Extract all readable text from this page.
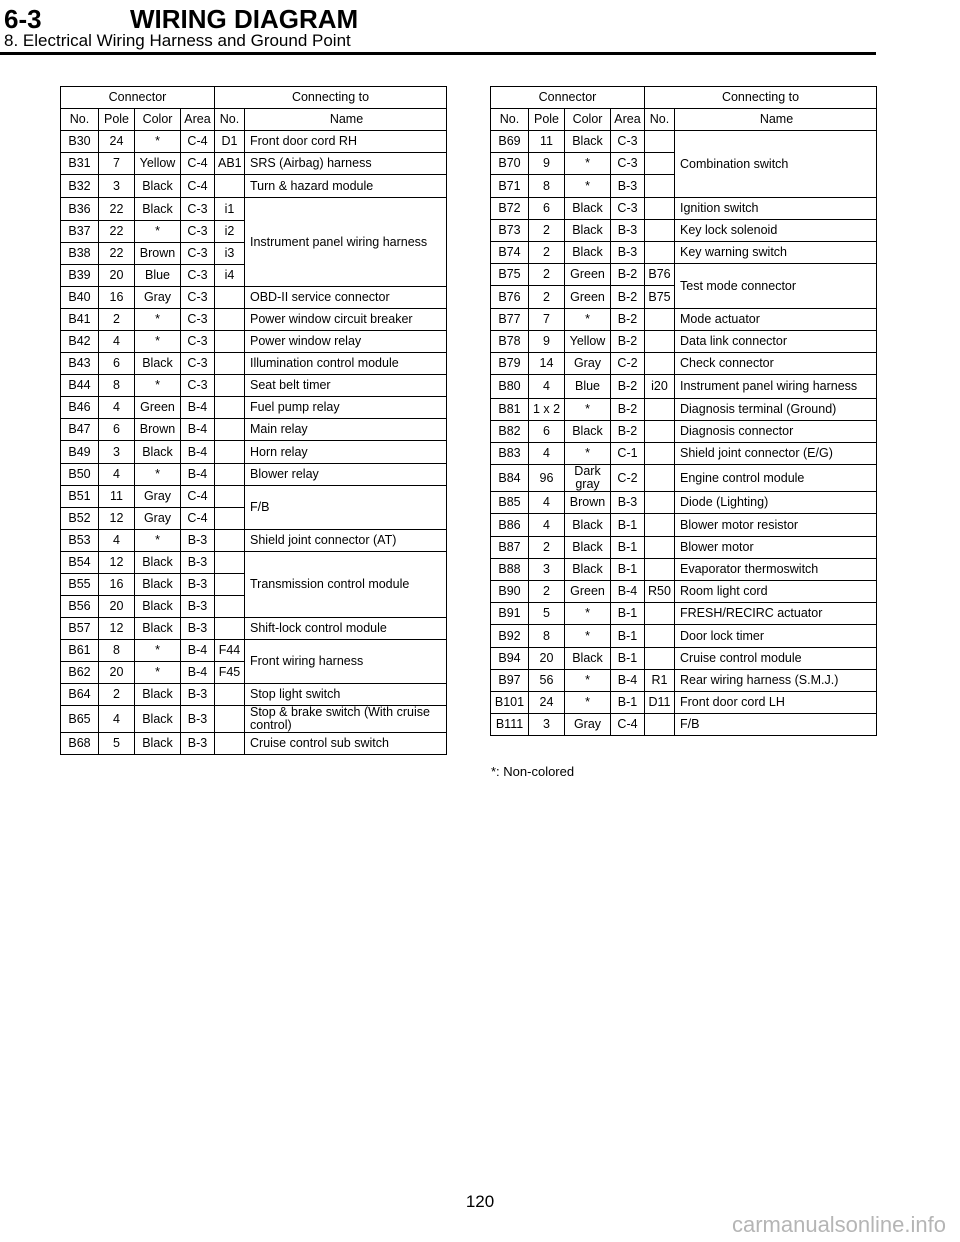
6-3	WIRING DIAGRAM
8. Electrical Wiring Harness and Ground Point
Connector				Connecting to	
No.	Pole	Color	Area	No.	Name
B30	24	*	C-4	D1	Front door cord RH
B31	7	Yellow	C-4	AB1	SRS (Airbag) harness
B32	3	Black	C-4		Turn & hazard module
B36	22	Black	C-3	i1	Instrument panel wiring harness
B37	22	*	C-3	i2	
B38	22	Brown	C-3	i3	
B39	20	Blue	C-3	i4	
B40	16	Gray	C-3		OBD-II service connector
B41	2	*	C-3		Power window circuit breaker
B42	4	*	C-3		Power window relay
B43	6	Black	C-3		Illumination control module
B44	8	*	C-3		Seat belt timer
B46	4	Green	B-4		Fuel pump relay
B47	6	Brown	B-4		Main relay
B49	3	Black	B-4		Horn relay
B50	4	*	B-4		Blower relay
B51	11	Gray	C-4		F/B
B52	12	Gray	C-4		
B53	4	*	B-3		Shield joint connector (AT)
B54	12	Black	B-3		Transmission control module
B55	16	Black	B-3		
B56	20	Black	B-3		
B57	12	Black	B-3		Shift-lock control module
B61	8	*	B-4	F44	Front wiring harness
B62	20	*	B-4	F45	
B64	2	Black	B-3		Stop light switch
B65	4	Black	B-3		Stop & brake switch (With cruise control)
B68	5	Black	B-3		Cruise control sub switch
Connector				Connecting to	
No.	Pole	Color	Area	No.	Name
B69	11	Black	C-3		Combination switch
B70	9	*	C-3		
B71	8	*	B-3		
B72	6	Black	C-3		Ignition switch
B73	2	Black	B-3		Key lock solenoid
B74	2	Black	B-3		Key warning switch
B75	2	Green	B-2	B76	Test mode connector
B76	2	Green	B-2	B75	
B77	7	*	B-2		Mode actuator
B78	9	Yellow	B-2		Data link connector
B79	14	Gray	C-2		Check connector
B80	4	Blue	B-2	i20	Instrument panel wiring harness
B81	1 x 2	*	B-2		Diagnosis terminal (Ground)
B82	6	Black	B-2		Diagnosis connector
B83	4	*	C-1		Shield joint connector (E/G)
B84	96	Dark gray	C-2		Engine control module
B85	4	Brown	B-3		Diode (Lighting)
B86	4	Black	B-1		Blower motor resistor
B87	2	Black	B-1		Blower motor
B88	3	Black	B-1		Evaporator thermoswitch
B90	2	Green	B-4	R50	Room light cord
B91	5	*	B-1		FRESH/RECIRC actuator
B92	8	*	B-1		Door lock timer
B94	20	Black	B-1		Cruise control module
B97	56	*	B-4	R1	Rear wiring harness (S.M.J.)
B101	24	*	B-1	D11	Front door cord LH
B111	3	Gray	C-4		F/B
*: Non-colored
120
carmanualsonline.info
